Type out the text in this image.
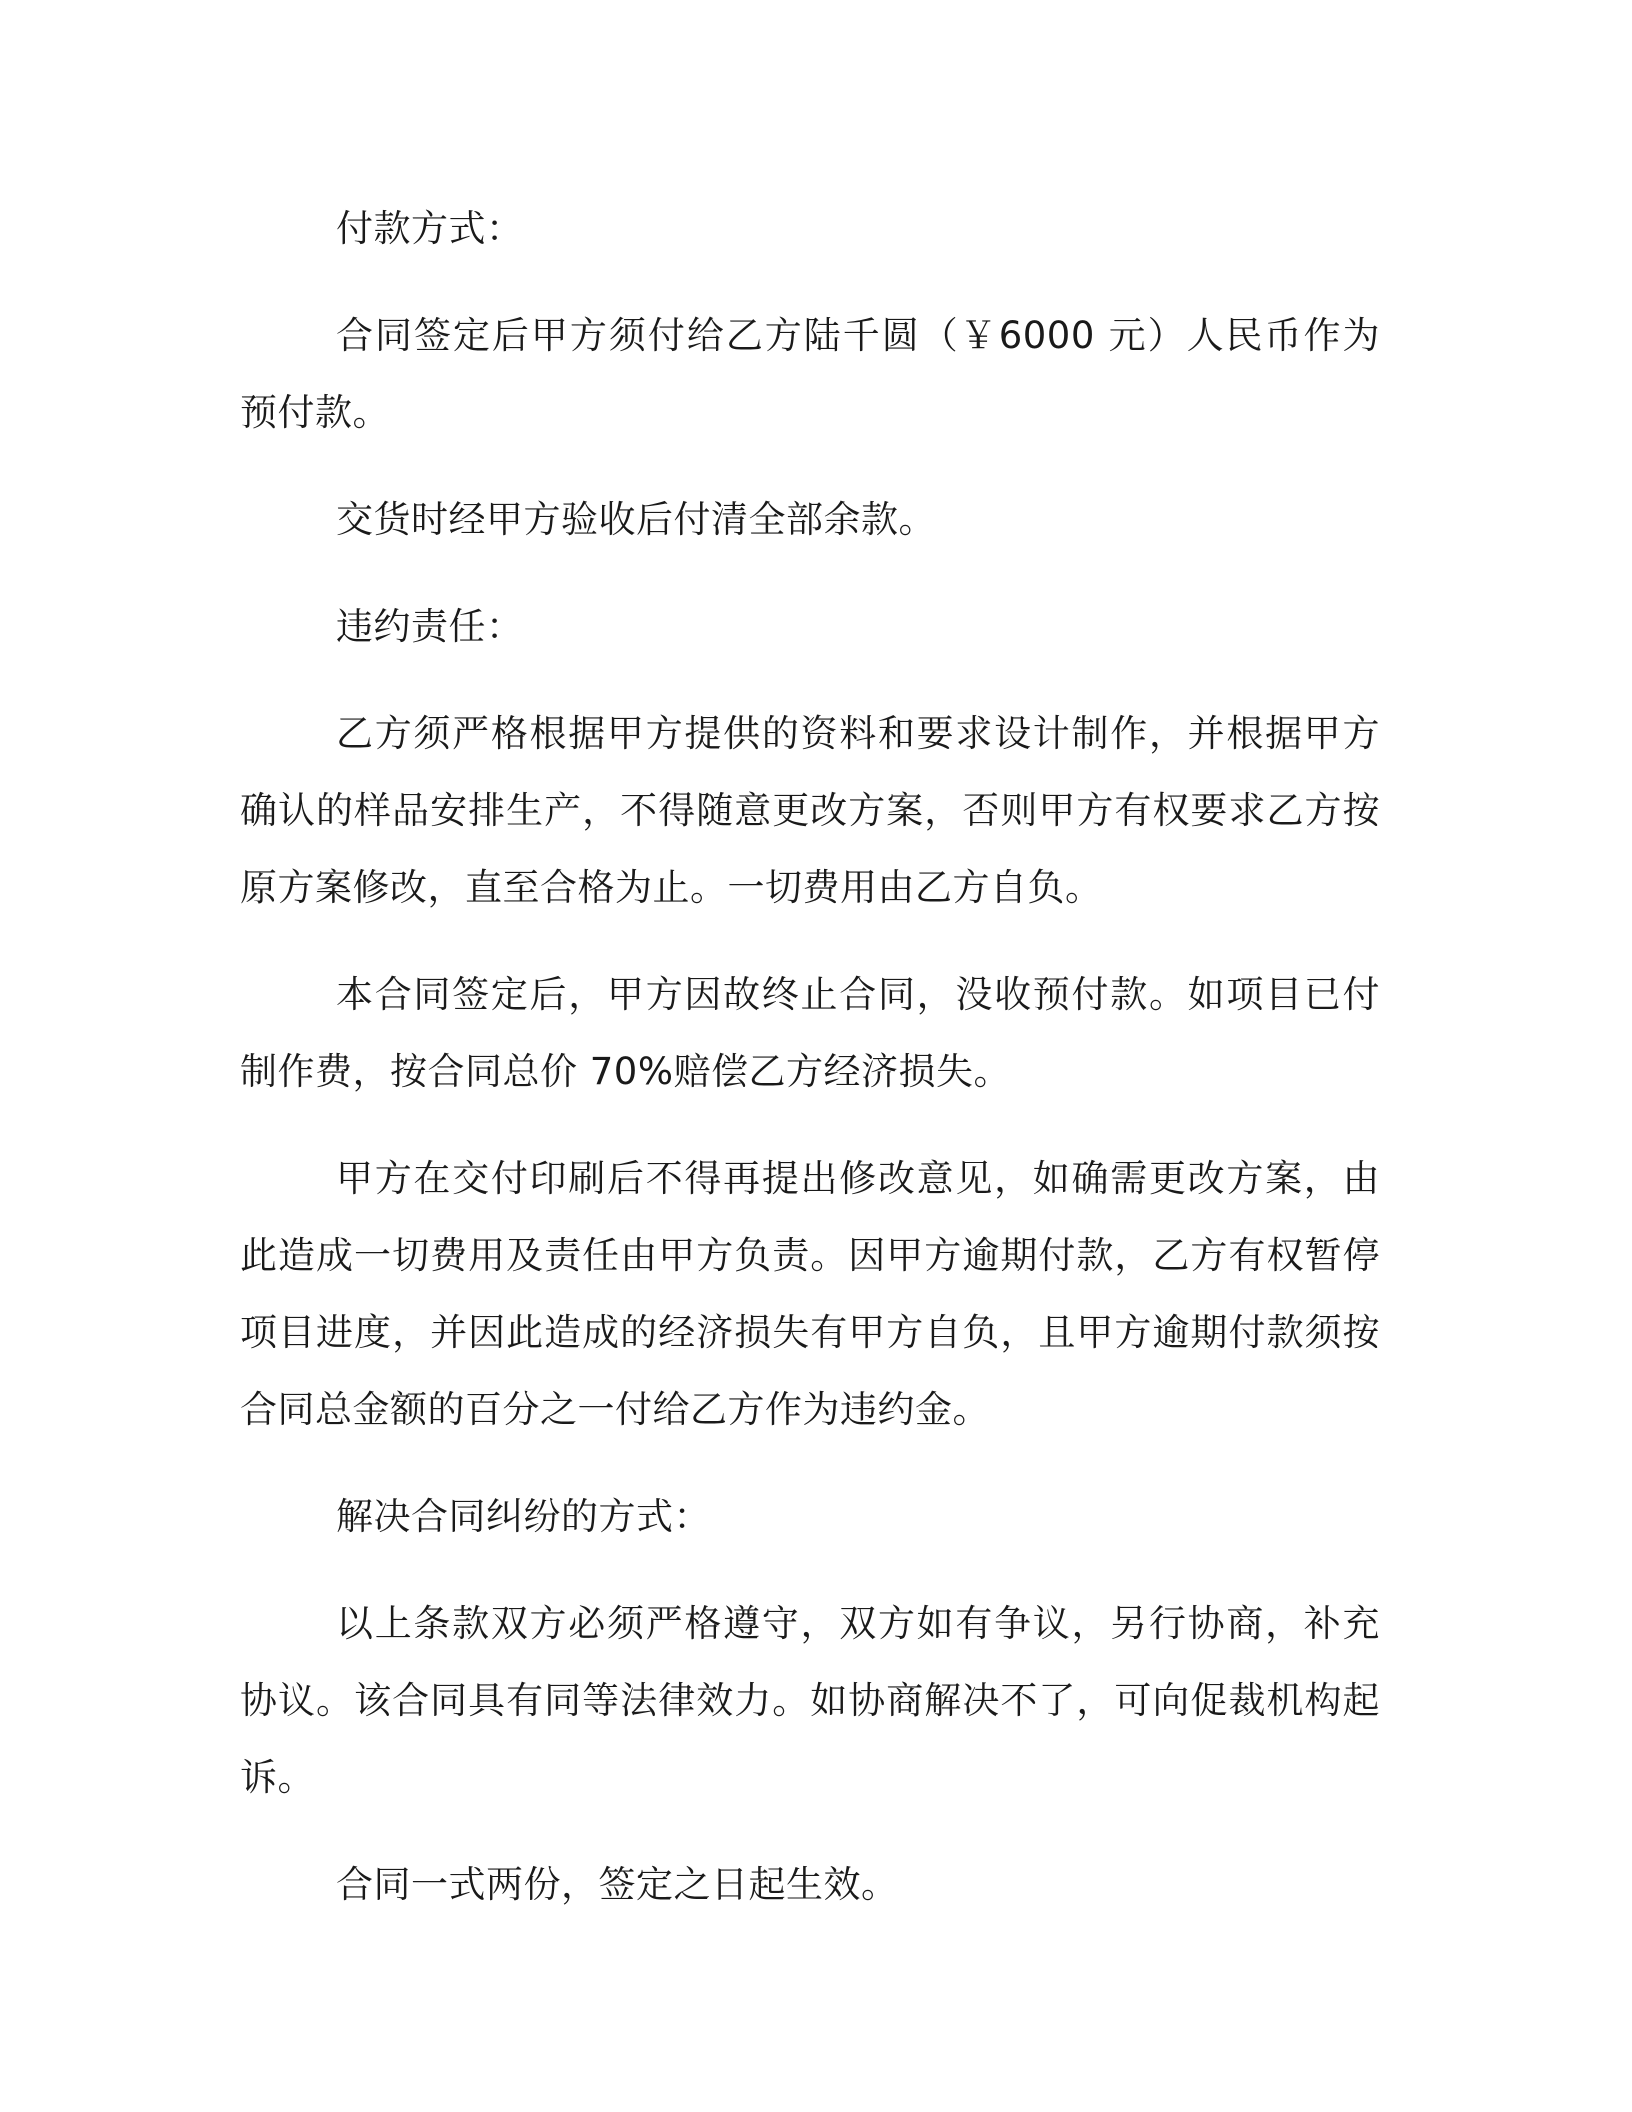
付款方式：

合同签定后甲方须付给乙方陆千圆（￥6000 元）人民币作为预付款。

交货时经甲方验收后付清全部余款。

违约责任：

乙方须严格根据甲方提供的资料和要求设计制作，并根据甲方确认的样品安排生产，不得随意更改方案，否则甲方有权要求乙方按原方案修改，直至合格为止。一切费用由乙方自负。

本合同签定后，甲方因故终止合同，没收预付款。如项目已付制作费，按合同总价 70%赔偿乙方经济损失。

甲方在交付印刷后不得再提出修改意见，如确需更改方案，由此造成一切费用及责任由甲方负责。因甲方逾期付款，乙方有权暂停项目进度，并因此造成的经济损失有甲方自负，且甲方逾期付款须按合同总金额的百分之一付给乙方作为违约金。

解决合同纠纷的方式：

以上条款双方必须严格遵守，双方如有争议，另行协商，补充协议。该合同具有同等法律效力。如协商解决不了，可向促裁机构起诉。

合同一式两份，签定之日起生效。
